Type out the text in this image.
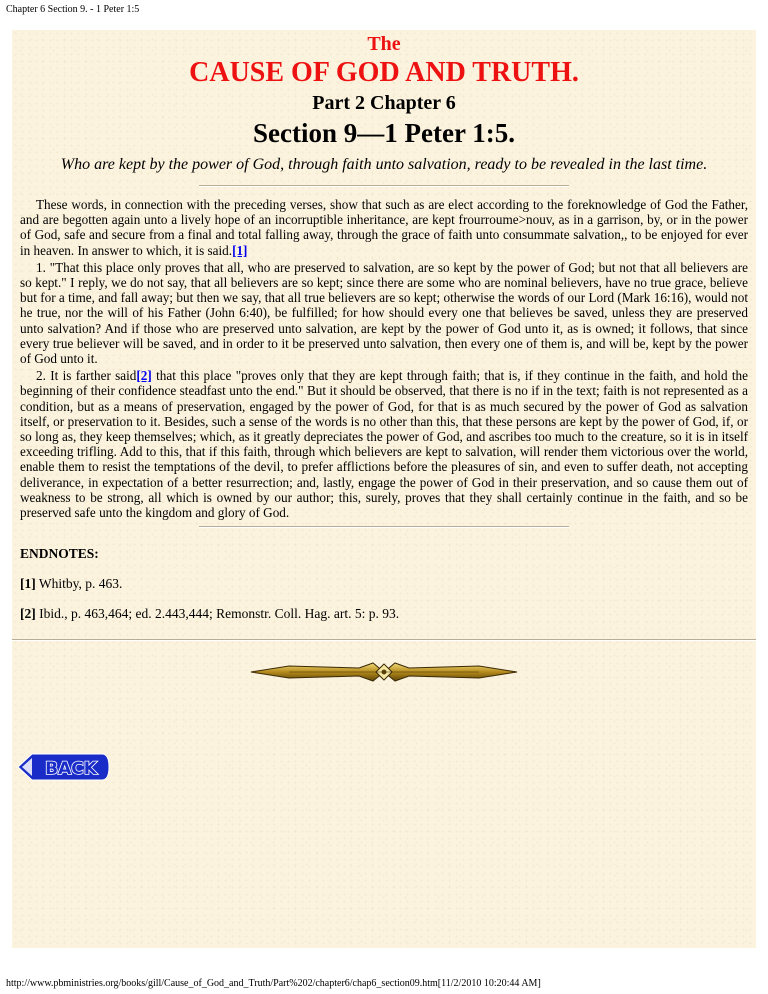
Chapter 6 Section 9. - 1 Peter 1:5
The
CAUSE OF GOD AND TRUTH.
Part 2 Chapter 6
Section 9—1 Peter 1:5.
Who are kept by the power of God, through faith unto salvation, ready to be revealed in the last time.

These words, in connection with the preceding verses, show that such as are elect according to the foreknowledge of God the Father, and are begotten again unto a lively hope of an incorruptible inheritance, are kept frourroume>nouv, as in a garrison, by, or in the power of God, safe and secure from a final and total falling away, through the grace of faith unto consummate salvation,, to be enjoyed for ever in heaven. In answer to which, it is said.[1]

1. "That this place only proves that all, who are preserved to salvation, are so kept by the power of God; but not that all believers are so kept." I reply, we do not say, that all believers are so kept; since there are some who are nominal believers, have no true grace, believe but for a time, and fall away; but then we say, that all true believers are so kept; otherwise the words of our Lord (Mark 16:16), would not he true, nor the will of his Father (John 6:40), be fulfilled; for how should every one that believes be saved, unless they are preserved unto salvation? And if those who are preserved unto salvation, are kept by the power of God unto it, as is owned; it follows, that since every true believer will be saved, and in order to it be preserved unto salvation, then every one of them is, and will be, kept by the power of God unto it.

2. It is farther said[2] that this place "proves only that they are kept through faith; that is, if they continue in the faith, and hold the beginning of their confidence steadfast unto the end." But it should be observed, that there is no if in the text; faith is not represented as a condition, but as a means of preservation, engaged by the power of God, for that is as much secured by the power of God as salvation itself, or preservation to it. Besides, such a sense of the words is no other than this, that these persons are kept by the power of God, if, or so long as, they keep themselves; which, as it greatly depreciates the power of God, and ascribes too much to the creature, so it is in itself exceeding trifling. Add to this, that if this faith, through which believers are kept to salvation, will render them victorious over the world, enable them to resist the temptations of the devil, to prefer afflictions before the pleasures of sin, and even to suffer death, not accepting deliverance, in expectation of a better resurrection; and, lastly, engage the power of God in their preservation, and so cause them out of weakness to be strong, all which is owned by our author; this, surely, proves that they shall certainly continue in the faith, and so be preserved safe unto the kingdom and glory of God.

ENDNOTES:
[1] Whitby, p. 463.
[2] Ibid., p. 463,464; ed. 2.443,444; Remonstr. Coll. Hag. art. 5: p. 93.
BACK
http://www.pbministries.org/books/gill/Cause_of_God_and_Truth/Part%202/chapter6/chap6_section09.htm[11/2/2010 10:20:44 AM]
